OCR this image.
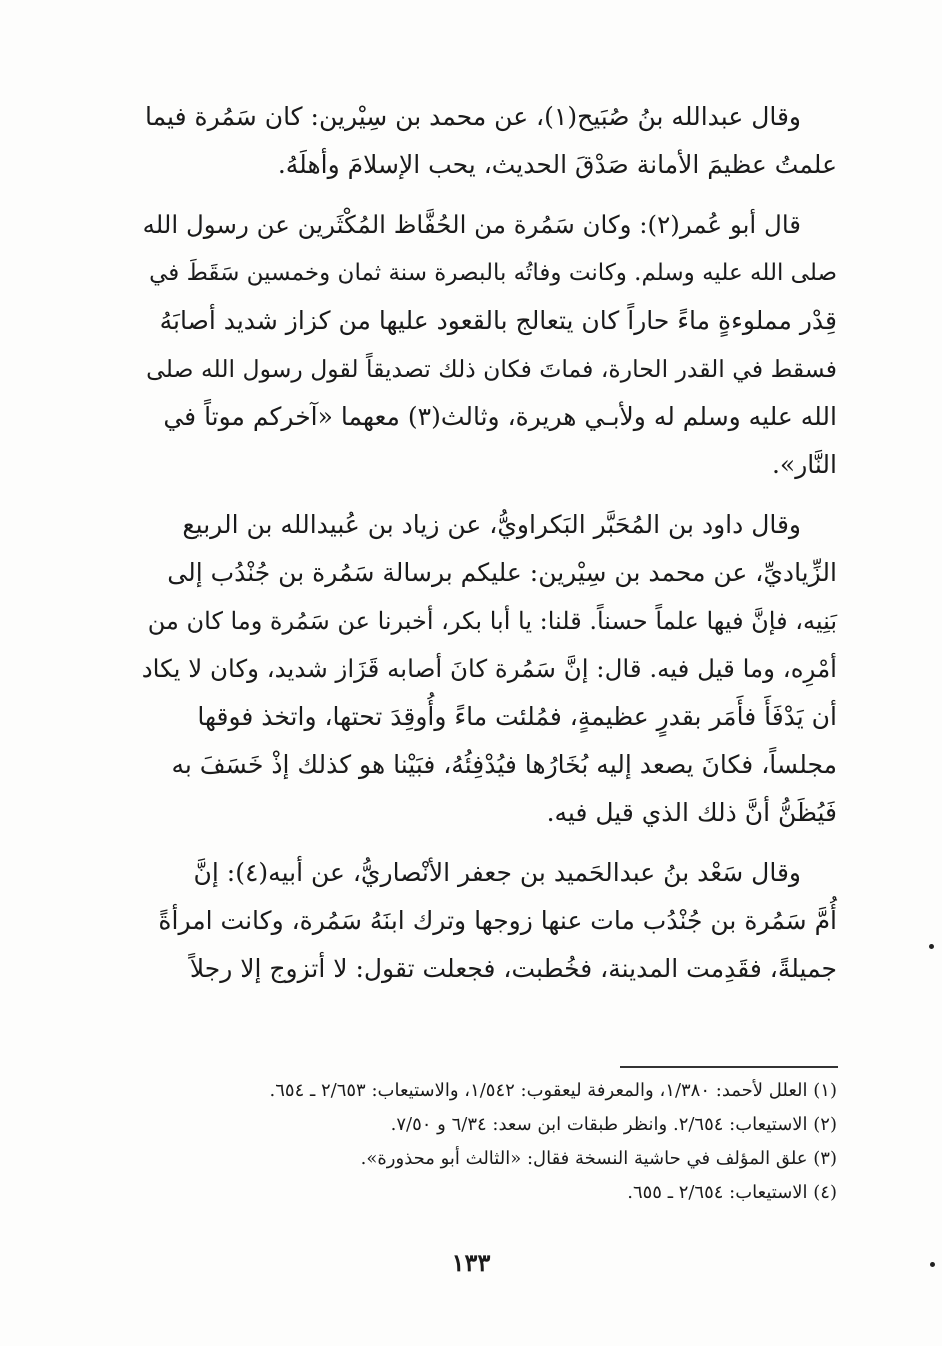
وقال عبدالله بنُ صُبَيح(١)، عن محمد بن سِيْرين: كان سَمُرة فيما
علمتُ عظيمَ الأمانة صَدْقَ الحديث، يحب الإسلامَ وأهلَهُ.

قال أبو عُمر(٢): وكان سَمُرة من الحُفَّاظ المُكْثَرين عن رسول الله
صلى الله عليه وسلم. وكانت وفاتُه بالبصرة سنة ثمان وخمسين سَقَطَ في
قِدْر مملوءةٍ ماءً حاراً كان يتعالج بالقعود عليها من كزاز شديد أصابَهُ
فسقط في القدر الحارة، فماتَ فكان ذلك تصديقاً لقول رسول الله صلى
الله عليه وسلم له ولأبـي هريرة، وثالث(٣) معهما «آخركم موتاً في
النَّار».

وقال داود بن المُحَبَّر البَكراويُّ، عن زياد بن عُبيدالله بن الربيع
الزِّياديِّ، عن محمد بن سِيْرين: عليكم برسالة سَمُرة بن جُنْدُب إلى
بَنِيه، فإنَّ فيها علماً حسناً. قلنا: يا أبا بكر، أخبرنا عن سَمُرة وما كان من
أمْرِه، وما قيل فيه. قال: إنَّ سَمُرة كانَ أصابه قَزَاز شديد، وكان لا يكاد
أن يَدْفَأَ فأَمَر بقدرٍ عظيمةٍ، فمُلئت ماءً وأُوقِدَ تحتها، واتخذ فوقها
مجلساً، فكانَ يصعد إليه بُخَارُها فيُدْفِئُهُ، فبَيْنا هو كذلك إذْ خَسَفَ به
فَيُظَنُّ أنَّ ذلك الذي قيل فيه.

وقال سَعْد بنُ عبدالحَميد بن جعفر الأنْصاريُّ، عن أبيه(٤): إنَّ
أُمَّ سَمُرة بن جُنْدُب مات عنها زوجها وترك ابنَهُ سَمُرة، وكانت امرأةً
جميلةً، فقَدِمت المدينة، فخُطبت، فجعلت تقول: لا أتزوج إلا رجلاً

(١) العلل لأحمد: ١/٣٨٠، والمعرفة ليعقوب: ١/٥٤٢، والاستيعاب: ٢/٦٥٣ ـ ٦٥٤.
(٢) الاستيعاب: ٢/٦٥٤. وانظر طبقات ابن سعد: ٦/٣٤ و ٧/٥٠.
(٣) علق المؤلف في حاشية النسخة فقال: «الثالث أبو محذورة».
(٤) الاستيعاب: ٢/٦٥٤ ـ ٦٥٥.
١٣٣
